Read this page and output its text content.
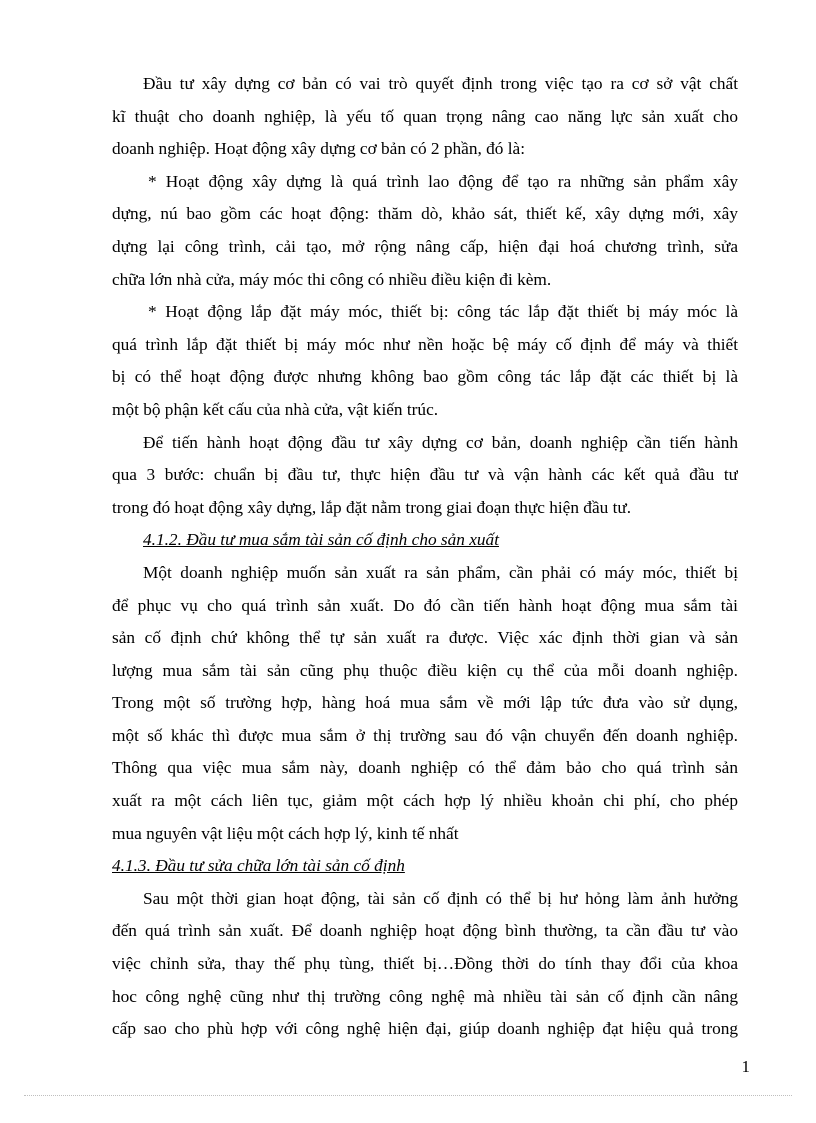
Đầu tư xây dựng cơ bản có vai trò quyết định trong việc tạo ra cơ sở vật chất
kĩ thuật cho doanh nghiệp, là yếu tố quan trọng nâng cao năng lực sản xuất cho
doanh nghiệp. Hoạt động xây dựng cơ bản có 2 phần, đó là:
* Hoạt động xây dựng là quá trình lao động để tạo ra những sản phẩm xây
dựng, nú bao gồm các hoạt động: thăm dò, khảo sát, thiết kế, xây dựng mới, xây
dựng lại công trình, cải tạo, mở rộng nâng cấp, hiện đại hoá chương trình, sửa
chữa lớn nhà cửa, máy móc thi công có nhiều điều kiện đi kèm.
* Hoạt động lắp đặt máy móc, thiết bị: công tác lắp đặt thiết bị máy móc là
quá trình lắp đặt thiết bị máy móc như nền hoặc bệ máy cố định để máy và thiết
bị có thể hoạt động được nhưng không bao gồm công tác lắp đặt các thiết bị là
một bộ phận kết cấu của nhà cửa, vật kiến trúc.
Để tiến hành hoạt động đầu tư xây dựng cơ bản, doanh nghiệp cần tiến hành
qua 3 bước: chuẩn bị đầu tư, thực hiện đầu tư và vận hành các kết quả đầu tư
trong đó hoạt động xây dựng, lắp đặt nằm trong giai đoạn thực hiện đầu tư.
4.1.2. Đầu tư mua sắm tài sản cố định cho sản xuất
Một doanh nghiệp muốn sản xuất ra sản phẩm, cần phải có máy móc, thiết bị
để phục vụ cho quá trình sản xuất. Do đó cần tiến hành hoạt động mua sắm tài
sản cố định chứ không thể tự sản xuất ra được. Việc xác định thời gian và sản
lượng mua sắm tài sản cũng phụ thuộc điều kiện cụ thể của mỗi doanh nghiệp.
Trong một số trường hợp, hàng hoá mua sắm về mới lập tức đưa vào sử dụng,
một số khác thì được mua sắm ở thị trường sau đó vận chuyển đến doanh nghiệp.
Thông qua việc mua sắm này, doanh nghiệp có thể đảm bảo cho quá trình sản
xuất ra một cách liên tục, giảm một cách hợp lý nhiều khoản chi phí, cho phép
mua nguyên vật liệu một cách hợp lý, kinh tế nhất
4.1.3. Đầu tư sửa chữa lớn tài sản cố định
Sau một thời gian hoạt động, tài sản cố định có thể bị hư hỏng làm ảnh hưởng
đến quá trình sản xuất. Để doanh nghiệp hoạt động bình thường, ta cần đầu tư vào
việc chỉnh sửa, thay thế phụ tùng, thiết bị…Đồng thời do tính thay đổi của khoa
hoc công nghệ cũng như thị trường công nghệ mà nhiều tài sản cố định cần nâng
cấp sao cho phù hợp với công nghệ hiện đại, giúp doanh nghiệp đạt hiệu quả trong
1
